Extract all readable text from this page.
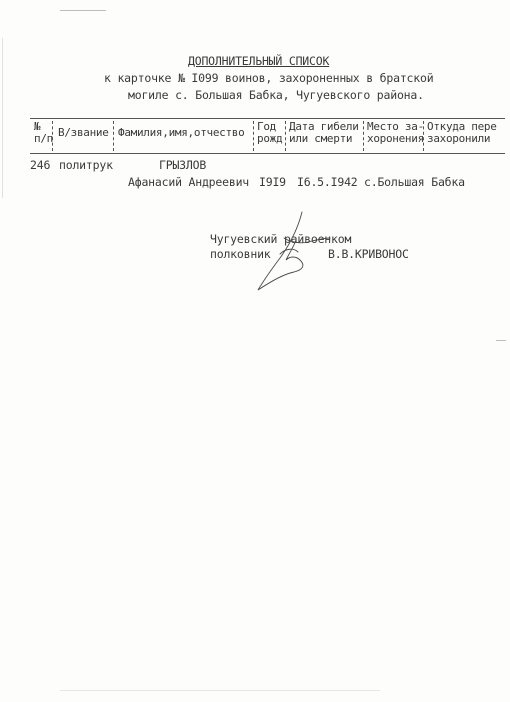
ДОПОЛНИТЕЛЬНЫЙ СПИСОК
к карточке № I099 воинов, захороненных в братской
могиле с. Большая Бабка, Чугуевского района.
№
п/п В/звание Фамилия,имя,отчество Год
рожд
Дата гибели
или смерти
Место за-
хоронения
Откуда пере
захоронили
246 политрук	ГРЫЗЛОВ
Афанасий Андреевич I9I9 I6.5.I942 с.Большая Бабка
Чугуевский райвоенком
полковник	В.В.КРИВОНОС
